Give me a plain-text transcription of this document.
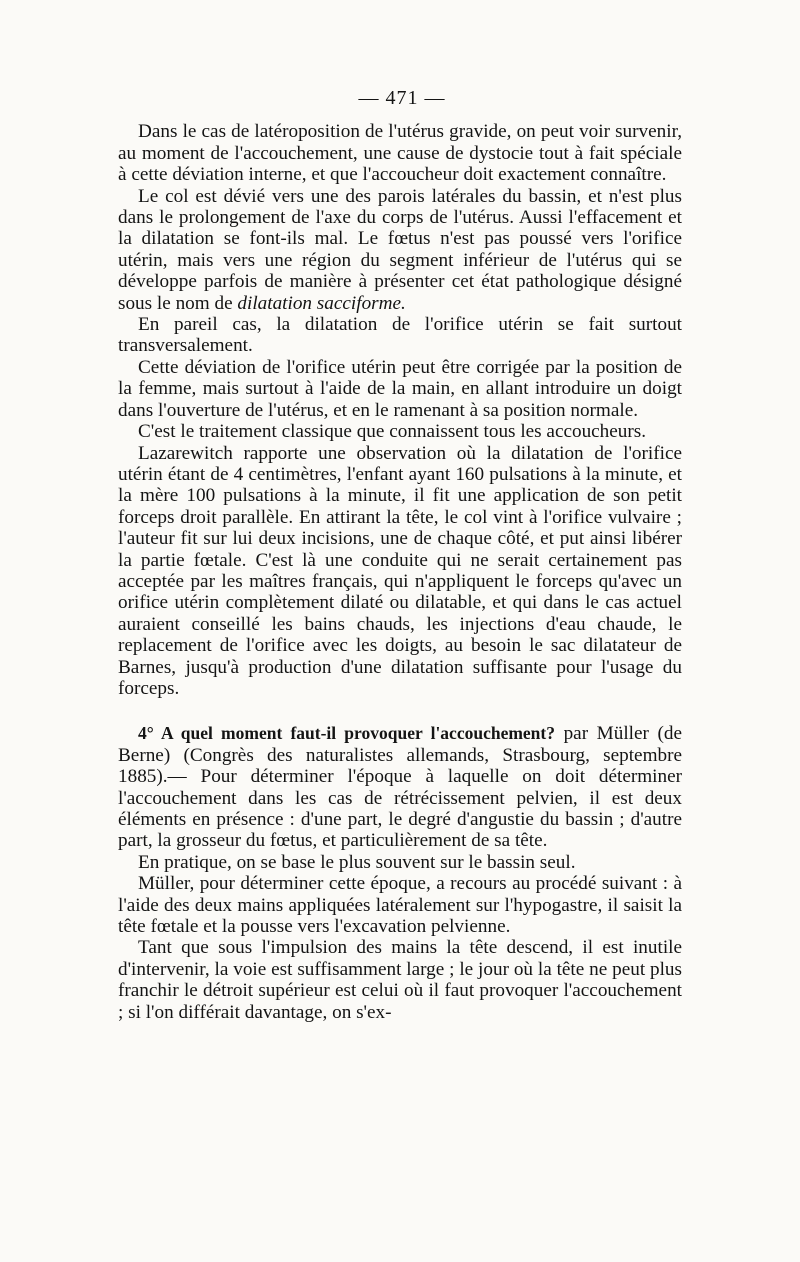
— 471 —

Dans le cas de latéroposition de l'utérus gravide, on peut voir survenir, au moment de l'accouchement, une cause de dystocie tout à fait spéciale à cette déviation interne, et que l'accoucheur doit exactement connaître.

Le col est dévié vers une des parois latérales du bassin, et n'est plus dans le prolongement de l'axe du corps de l'utérus. Aussi l'effacement et la dilatation se font-ils mal. Le fœtus n'est pas poussé vers l'orifice utérin, mais vers une région du segment inférieur de l'utérus qui se développe parfois de manière à présenter cet état pathologique désigné sous le nom de dilatation sacciforme.

En pareil cas, la dilatation de l'orifice utérin se fait surtout transversalement.

Cette déviation de l'orifice utérin peut être corrigée par la position de la femme, mais surtout à l'aide de la main, en allant introduire un doigt dans l'ouverture de l'utérus, et en le ramenant à sa position normale.

C'est le traitement classique que connaissent tous les accoucheurs.

Lazarewitch rapporte une observation où la dilatation de l'orifice utérin étant de 4 centimètres, l'enfant ayant 160 pulsations à la minute, et la mère 100 pulsations à la minute, il fit une application de son petit forceps droit parallèle. En attirant la tête, le col vint à l'orifice vulvaire ; l'auteur fit sur lui deux incisions, une de chaque côté, et put ainsi libérer la partie fœtale. C'est là une conduite qui ne serait certainement pas acceptée par les maîtres français, qui n'appliquent le forceps qu'avec un orifice utérin complètement dilaté ou dilatable, et qui dans le cas actuel auraient conseillé les bains chauds, les injections d'eau chaude, le replacement de l'orifice avec les doigts, au besoin le sac dilatateur de Barnes, jusqu'à production d'une dilatation suffisante pour l'usage du forceps.

4° A quel moment faut-il provoquer l'accouchement? par Müller (de Berne) (Congrès des naturalistes allemands, Strasbourg, septembre 1885).— Pour déterminer l'époque à laquelle on doit déterminer l'accouchement dans les cas de rétrécissement pelvien, il est deux éléments en présence : d'une part, le degré d'angustie du bassin ; d'autre part, la grosseur du fœtus, et particulièrement de sa tête.

En pratique, on se base le plus souvent sur le bassin seul.

Müller, pour déterminer cette époque, a recours au procédé suivant : à l'aide des deux mains appliquées latéralement sur l'hypogastre, il saisit la tête fœtale et la pousse vers l'excavation pelvienne.

Tant que sous l'impulsion des mains la tête descend, il est inutile d'intervenir, la voie est suffisamment large ; le jour où la tête ne peut plus franchir le détroit supérieur est celui où il faut provoquer l'accouchement ; si l'on différait davantage, on s'ex-
